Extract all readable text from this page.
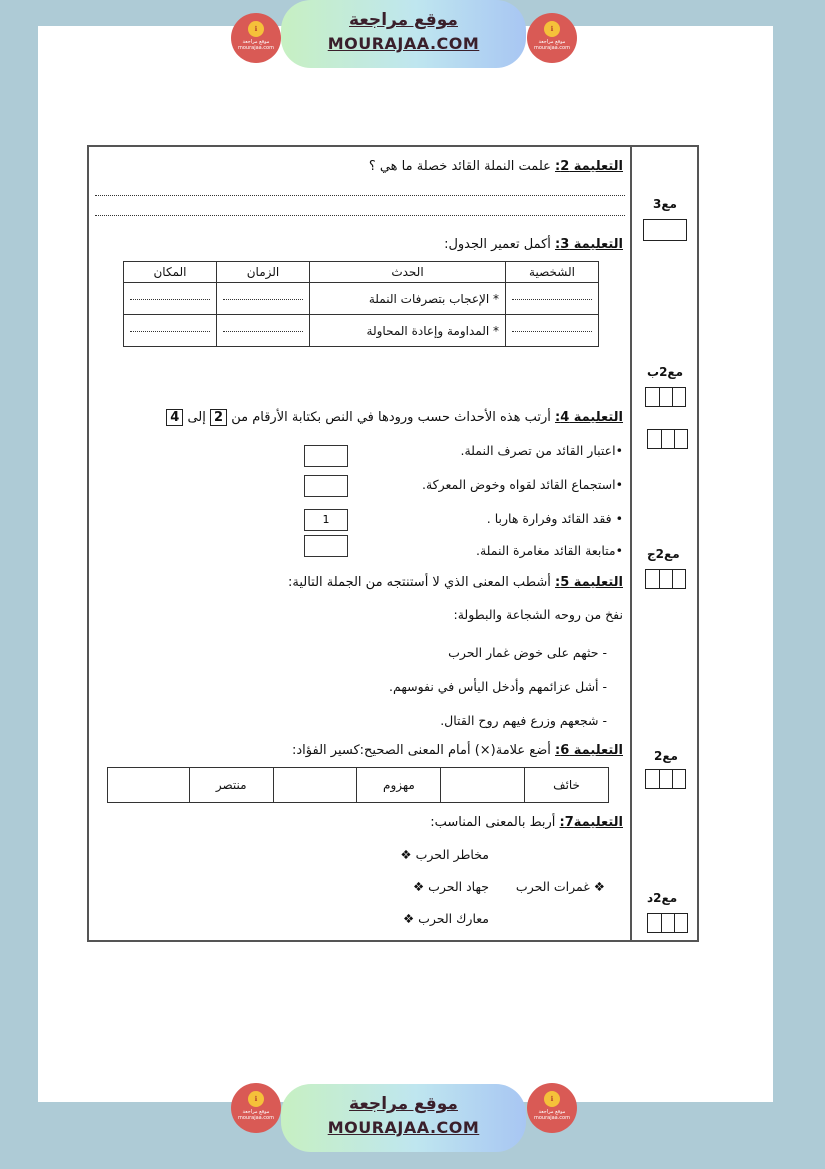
ℹ
موقع مراجعة mourajaa.com
موقع مراجعة
MOURAJAA.COM
ℹ
موقع مراجعة mourajaa.com
التعليمة 2: علمت النملة القائد خصلة ما هي ؟
التعليمة 3: أكمل تعمير الجدول:
الشخصية	الحدث	الزمان	المكان
	* الإعجاب بتصرفات النملة		
	* المداومة وإعادة المحاولة		
التعليمة 4: أرتب هذه الأحداث حسب ورودها في النص بكتابة الأرقام من 2 إلى 4
•اعتبار القائد من تصرف النملة.
•استجماع القائد لقواه وخوض المعركة.
• فقد القائد وفرارة هاربا .
1
•متابعة القائد مغامرة النملة.
التعليمة 5: أشطب المعنى الذي لا أستنتجه من الجملة التالية:
نفخ من روحه الشجاعة والبطولة:
- حثهم على خوض غمار الحرب
- أشل عزائمهم وأدخل اليأس في نفوسهم.
- شجعهم وزرع فيهم روح القتال.
التعليمة 6: أضع علامة(×) أمام المعنى الصحيح:كسير الفؤاد:
خائف		مهزوم		منتصر	
التعليمة7: أربط بالمعنى المناسب:
مخاطر الحرب ❖
جهاد الحرب ❖
معارك الحرب ❖
❖ غمرات الحرب
مع3
مع2ب
مع2ج
مع2
مع2د
ℹ
موقع مراجعة mourajaa.com
موقع مراجعة
MOURAJAA.COM
ℹ
موقع مراجعة mourajaa.com
